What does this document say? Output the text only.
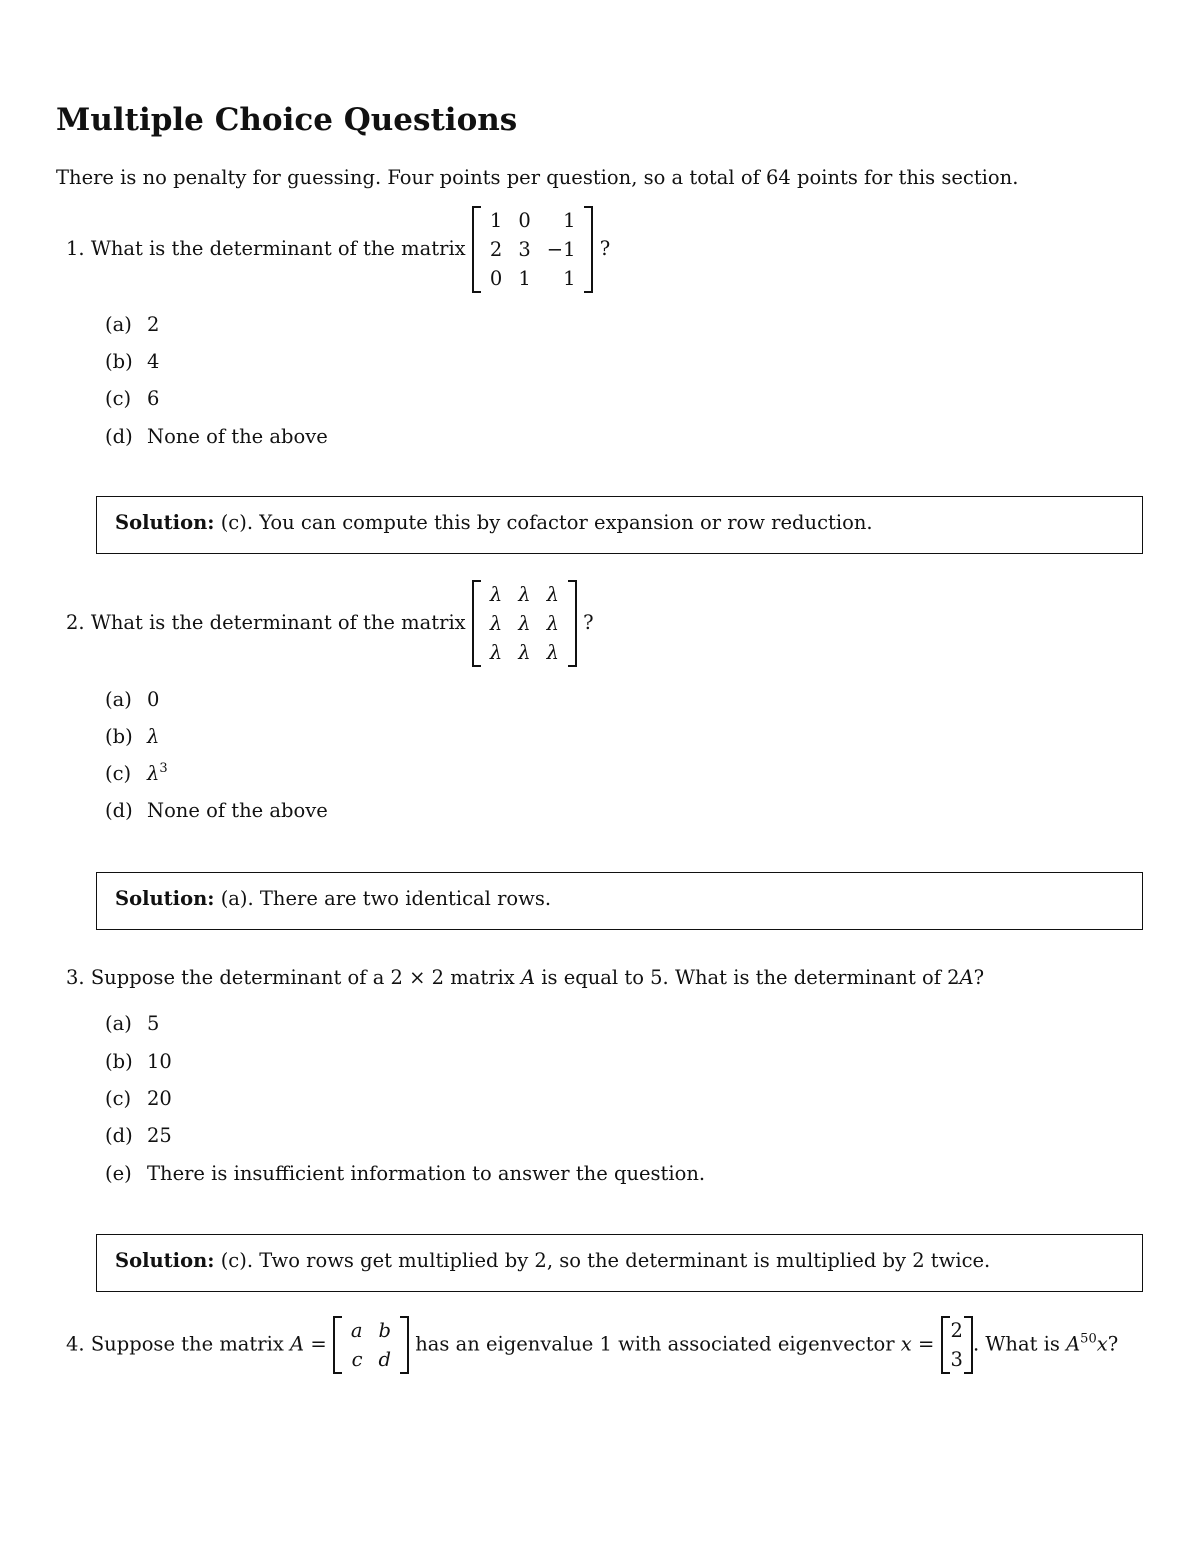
Multiple Choice Questions
There is no penalty for guessing. Four points per question, so a total of 64 points for this section.
1. What is the determinant of the matrix
1	0	1
2	3	−1
0	1	1
?
(a) 2
(b) 4
(c) 6
(d) None of the above
Solution: (c). You can compute this by cofactor expansion or row reduction.
2. What is the determinant of the matrix
λ	λ	λ
λ	λ	λ
λ	λ	λ
?
(a) 0
(b) λ
(c) $\lambda^3$
(d) None of the above
Solution: (a). There are two identical rows.
3. Suppose the determinant of a 2 × 2 matrix A is equal to 5. What is the determinant of 2A?
(a) 5
(b) 10
(c) 20
(d) 25
(e) There is insufficient information to answer the question.
Solution: (c). Two rows get multiplied by 2, so the determinant is multiplied by 2 twice.
4. Suppose the matrix A =
a	b
c	d
has an eigenvalue 1 with associated eigenvector x =
2
3
. What is $A^{50}x$?
